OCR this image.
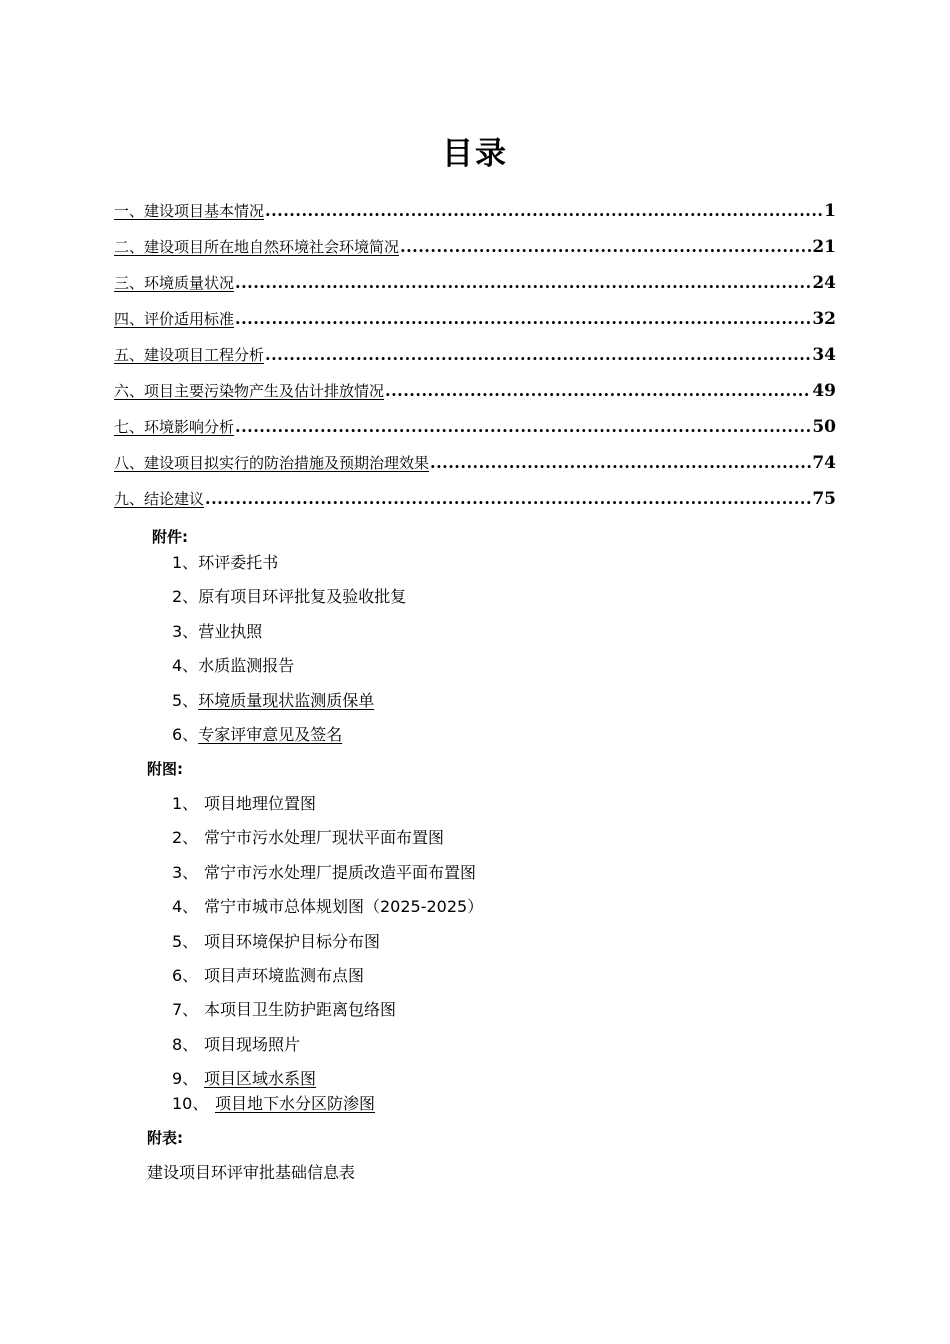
目录
一、建设项目基本情况 .....	1
二、建设项目所在地自然环境社会环境简况 .....	21
三、环境质量状况 .....	24
四、评价适用标准 .....	32
五、建设项目工程分析 .....	34
六、项目主要污染物产生及估计排放情况 .....	49
七、环境影响分析 .....	50
八、建设项目拟实行的防治措施及预期治理效果 .....	74
九、结论建议 .....	75
附件:
1、环评委托书
2、原有项目环评批复及验收批复
3、营业执照
4、水质监测报告
5、环境质量现状监测质保单
6、专家评审意见及签名
附图:
1、 项目地理位置图
2、 常宁市污水处理厂现状平面布置图
3、 常宁市污水处理厂提质改造平面布置图
4、 常宁市城市总体规划图（2025-2025）
5、 项目环境保护目标分布图
6、 项目声环境监测布点图
7、 本项目卫生防护距离包络图
8、 项目现场照片
9、 项目区域水系图
10、 项目地下水分区防渗图
附表:
建设项目环评审批基础信息表
